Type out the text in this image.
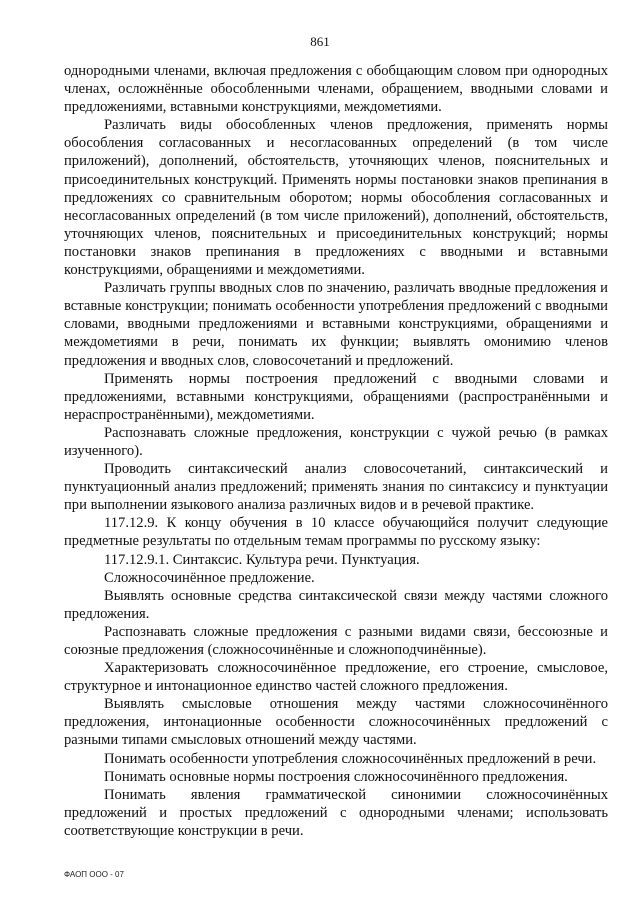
861

однородными членами, включая предложения с обобщающим словом при однородных членах, осложнённые обособленными членами, обращением, вводными словами и предложениями, вставными конструкциями, междометиями.

Различать виды обособленных членов предложения, применять нормы обособления согласованных и несогласованных определений (в том числе приложений), дополнений, обстоятельств, уточняющих членов, пояснительных и присоединительных конструкций. Применять нормы постановки знаков препинания в предложениях со сравнительным оборотом; нормы обособления согласованных и несогласованных определений (в том числе приложений), дополнений, обстоятельств, уточняющих членов, пояснительных и присоединительных конструкций; нормы постановки знаков препинания в предложениях с вводными и вставными конструкциями, обращениями и междометиями.

Различать группы вводных слов по значению, различать вводные предложения и вставные конструкции; понимать особенности употребления предложений с вводными словами, вводными предложениями и вставными конструкциями, обращениями и междометиями в речи, понимать их функции; выявлять омонимию членов предложения и вводных слов, словосочетаний и предложений.

Применять нормы построения предложений с вводными словами и предложениями, вставными конструкциями, обращениями (распространёнными и нераспространёнными), междометиями.

Распознавать сложные предложения, конструкции с чужой речью (в рамках изученного).

Проводить синтаксический анализ словосочетаний, синтаксический и пунктуационный анализ предложений; применять знания по синтаксису и пунктуации при выполнении языкового анализа различных видов и в речевой практике.

117.12.9. К концу обучения в 10 классе обучающийся получит следующие предметные результаты по отдельным темам программы по русскому языку:

117.12.9.1. Синтаксис. Культура речи. Пунктуация.

Сложносочинённое предложение.

Выявлять основные средства синтаксической связи между частями сложного предложения.

Распознавать сложные предложения с разными видами связи, бессоюзные и союзные предложения (сложносочинённые и сложноподчинённые).

Характеризовать сложносочинённое предложение, его строение, смысловое, структурное и интонационное единство частей сложного предложения.

Выявлять смысловые отношения между частями сложносочинённого предложения, интонационные особенности сложносочинённых предложений с разными типами смысловых отношений между частями.

Понимать особенности употребления сложносочинённых предложений в речи.

Понимать основные нормы построения сложносочинённого предложения.

Понимать явления грамматической синонимии сложносочинённых предложений и простых предложений с однородными членами; использовать соответствующие конструкции в речи.

ФАОП ООО - 07
